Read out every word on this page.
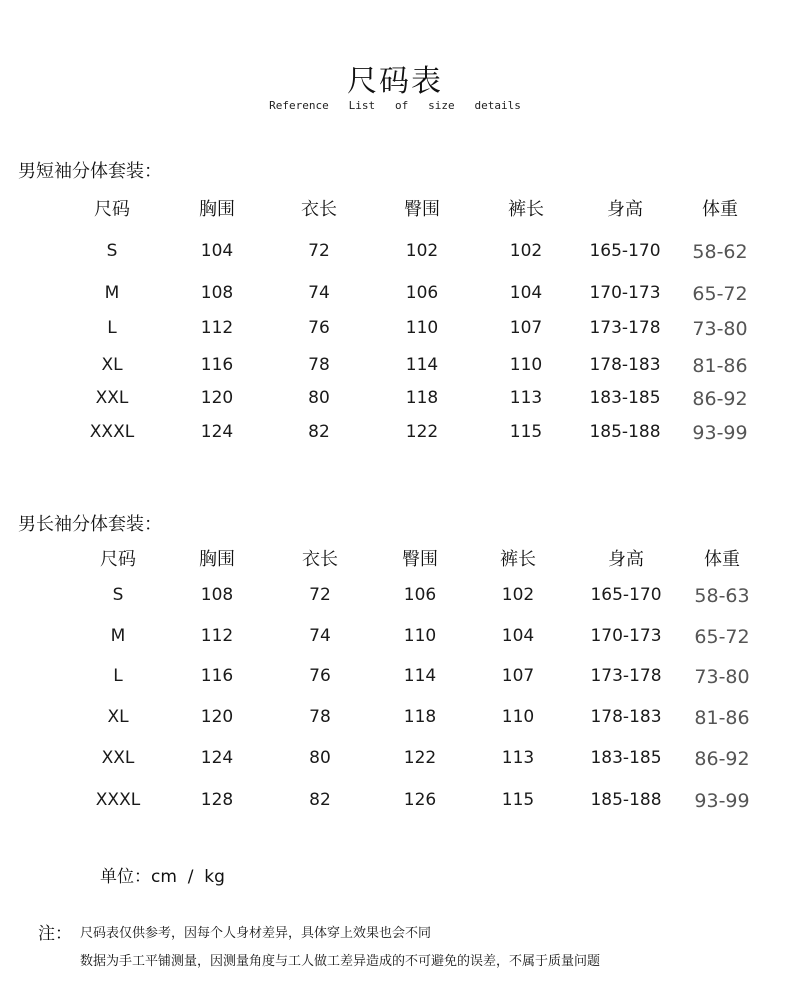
尺码表
Reference   List   of   size   details
男短袖分体套装：
尺码	胸围	衣长	臀围	裤长	身高	体重
S	104	72	102	102	165-170	58-62
M	108	74	106	104	170-173	65-72
L	112	76	110	107	173-178	73-80
XL	116	78	114	110	178-183	81-86
XXL	120	80	118	113	183-185	86-92
XXXL	124	82	122	115	185-188	93-99
男长袖分体套装：
尺码	胸围	衣长	臀围	裤长	身高	体重
S	108	72	106	102	165-170	58-63
M	112	74	110	104	170-173	65-72
L	116	76	114	107	173-178	73-80
XL	120	78	118	110	178-183	81-86
XXL	124	80	122	113	183-185	86-92
XXXL	128	82	126	115	185-188	93-99
单位：cm  /  kg
注： 尺码表仅供参考，因每个人身材差异，具体穿上效果也会不同
数据为手工平铺测量，因测量角度与工人做工差异造成的不可避免的误差，不属于质量问题
